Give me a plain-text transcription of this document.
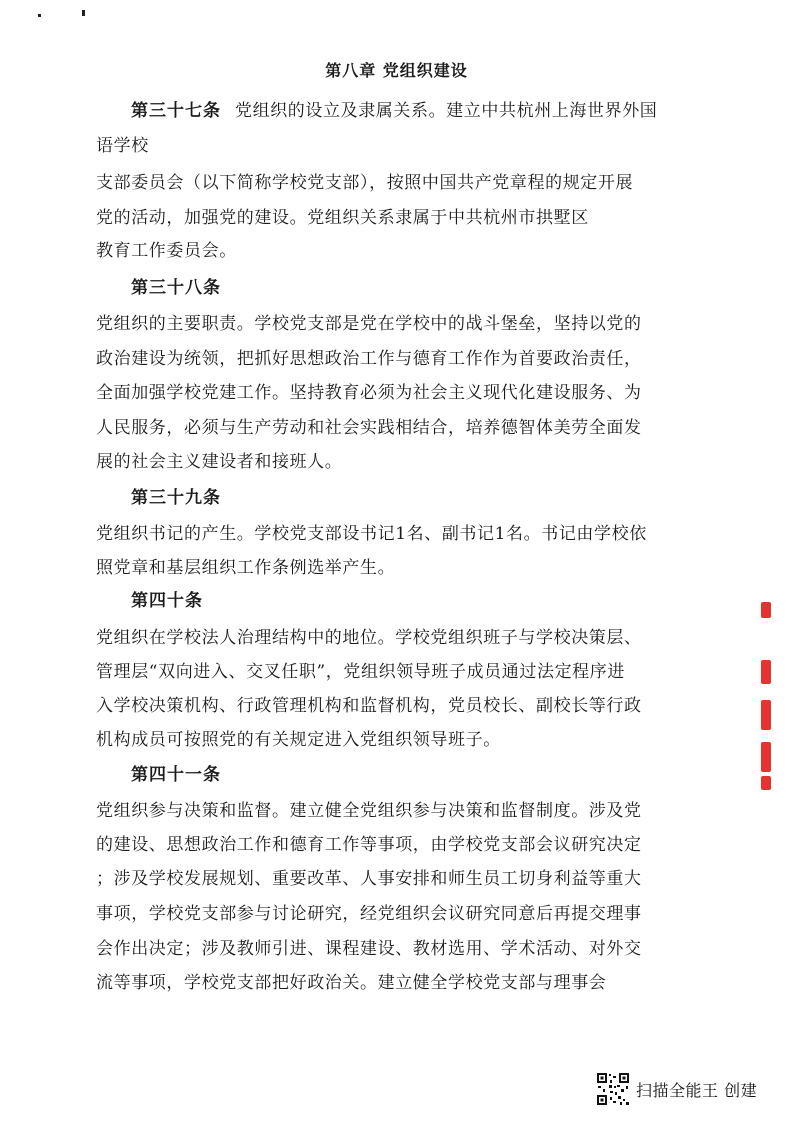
第八章 党组织建设
第三十七条 党组织的设立及隶属关系。建立中共杭州上海世界外国
语学校
支部委员会（以下简称学校党支部），按照中国共产党章程的规定开展
党的活动，加强党的建设。党组织关系隶属于中共杭州市拱墅区
教育工作委员会。
第三十八条
党组织的主要职责。学校党支部是党在学校中的战斗堡垒，坚持以党的
政治建设为统领，把抓好思想政治工作与德育工作作为首要政治责任，
全面加强学校党建工作。坚持教育必须为社会主义现代化建设服务、为
人民服务，必须与生产劳动和社会实践相结合，培养德智体美劳全面发
展的社会主义建设者和接班人。
第三十九条
党组织书记的产生。学校党支部设书记1名、副书记1名。书记由学校依
照党章和基层组织工作条例选举产生。
第四十条
党组织在学校法人治理结构中的地位。学校党组织班子与学校决策层、
管理层“双向进入、交叉任职”，党组织领导班子成员通过法定程序进
入学校决策机构、行政管理机构和监督机构，党员校长、副校长等行政
机构成员可按照党的有关规定进入党组织领导班子。
第四十一条
党组织参与决策和监督。建立健全党组织参与决策和监督制度。涉及党
的建设、思想政治工作和德育工作等事项，由学校党支部会议研究决定
；涉及学校发展规划、重要改革、人事安排和师生员工切身利益等重大
事项，学校党支部参与讨论研究，经党组织会议研究同意后再提交理事
会作出决定；涉及教师引进、课程建设、教材选用、学术活动、对外交
流等事项，学校党支部把好政治关。建立健全学校党支部与理事会
扫描全能王 创建
